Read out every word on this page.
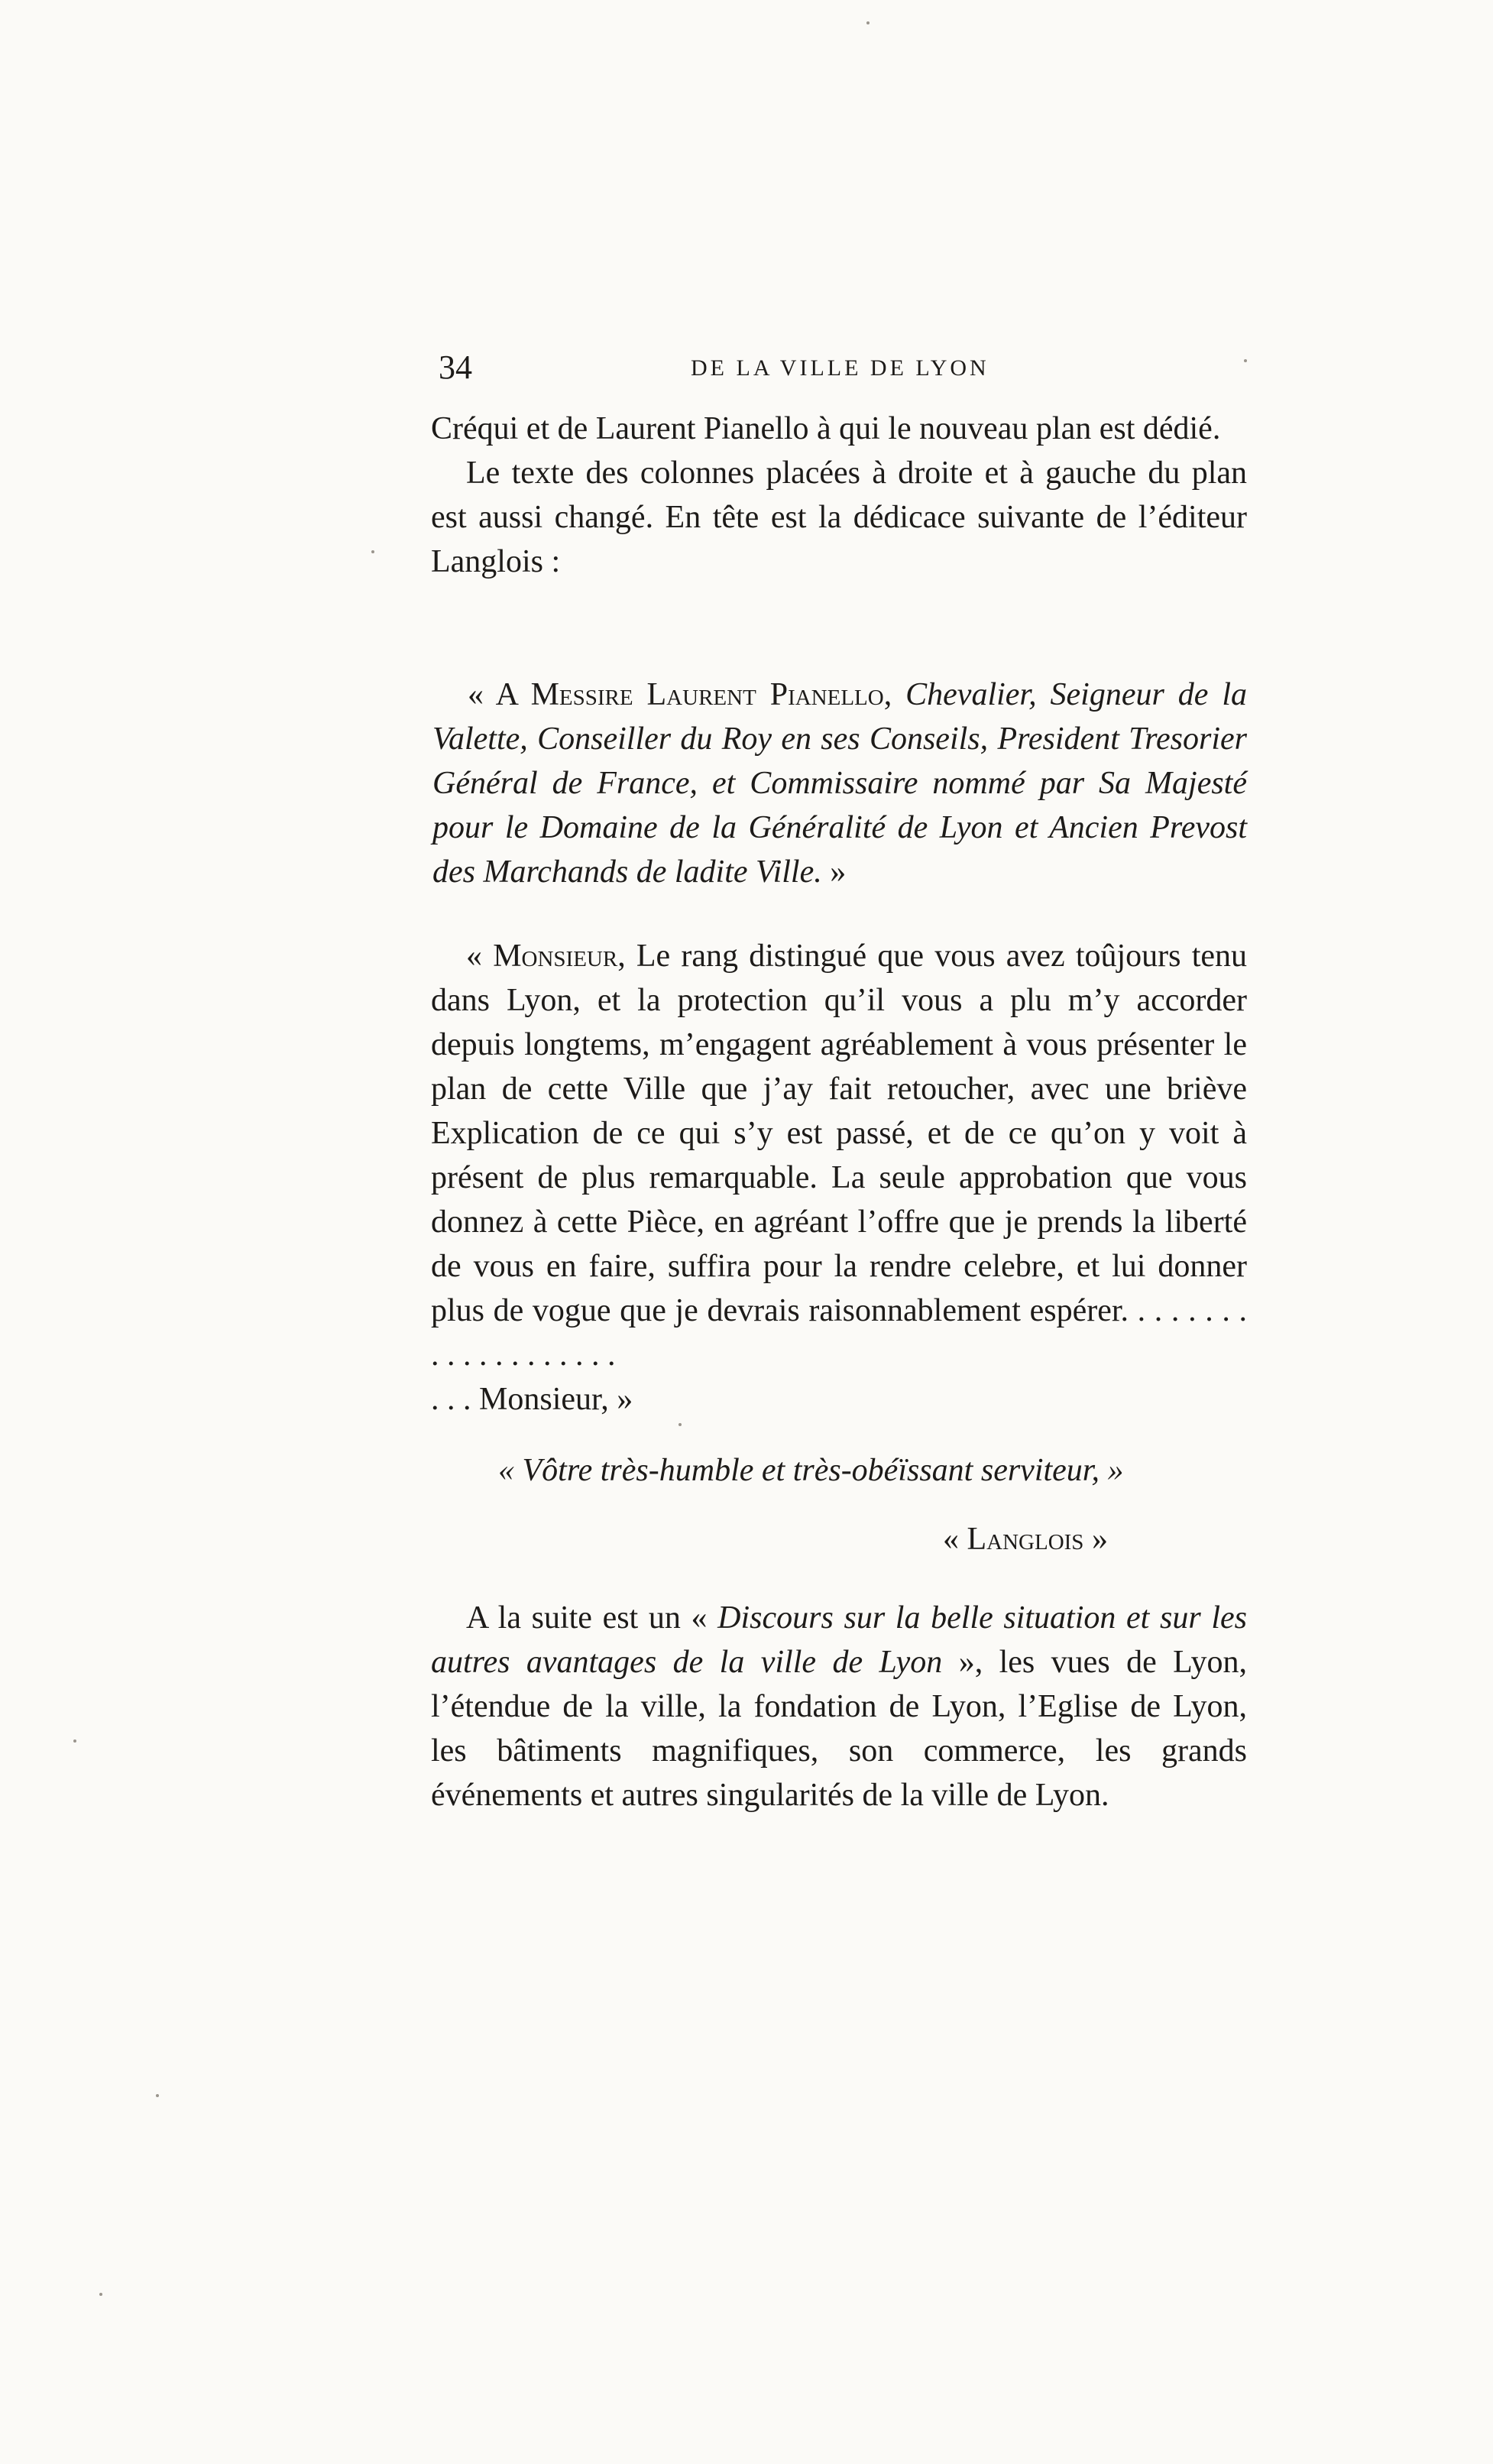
34	DE LA VILLE DE LYON

Créqui et de Laurent Pianello à qui le nouveau plan est dédié.

Le texte des colonnes placées à droite et à gauche du plan est aussi changé. En tête est la dédicace suivante de l’éditeur Langlois :

« A Messire Laurent Pianello, Chevalier, Seigneur de la Valette, Conseiller du Roy en ses Conseils, President Tresorier Général de France, et Commissaire nommé par Sa Majesté pour le Domaine de la Généralité de Lyon et Ancien Prevost des Marchands de ladite Ville. »

« Monsieur, Le rang distingué que vous avez toûjours tenu dans Lyon, et la protection qu’il vous a plu m’y accorder depuis longtems, m’engagent agréablement à vous présenter le plan de cette Ville que j’ay fait retoucher, avec une briève Explication de ce qui s’y est passé, et de ce qu’on y voit à présent de plus remarquable. La seule approbation que vous donnez à cette Pièce, en agréant l’offre que je prends la liberté de vous en faire, suffira pour la rendre celebre, et lui donner plus de vogue que je devrais raisonnablement espérer. . . . . . . . . . . . . . . . . . . .

. . . Monsieur, »

« Vôtre très-humble et très-obéïssant serviteur, »
« Langlois »

A la suite est un « Discours sur la belle situation et sur les autres avantages de la ville de Lyon », les vues de Lyon, l’étendue de la ville, la fondation de Lyon, l’Eglise de Lyon, les bâtiments magnifiques, son commerce, les grands événements et autres singularités de la ville de Lyon.
